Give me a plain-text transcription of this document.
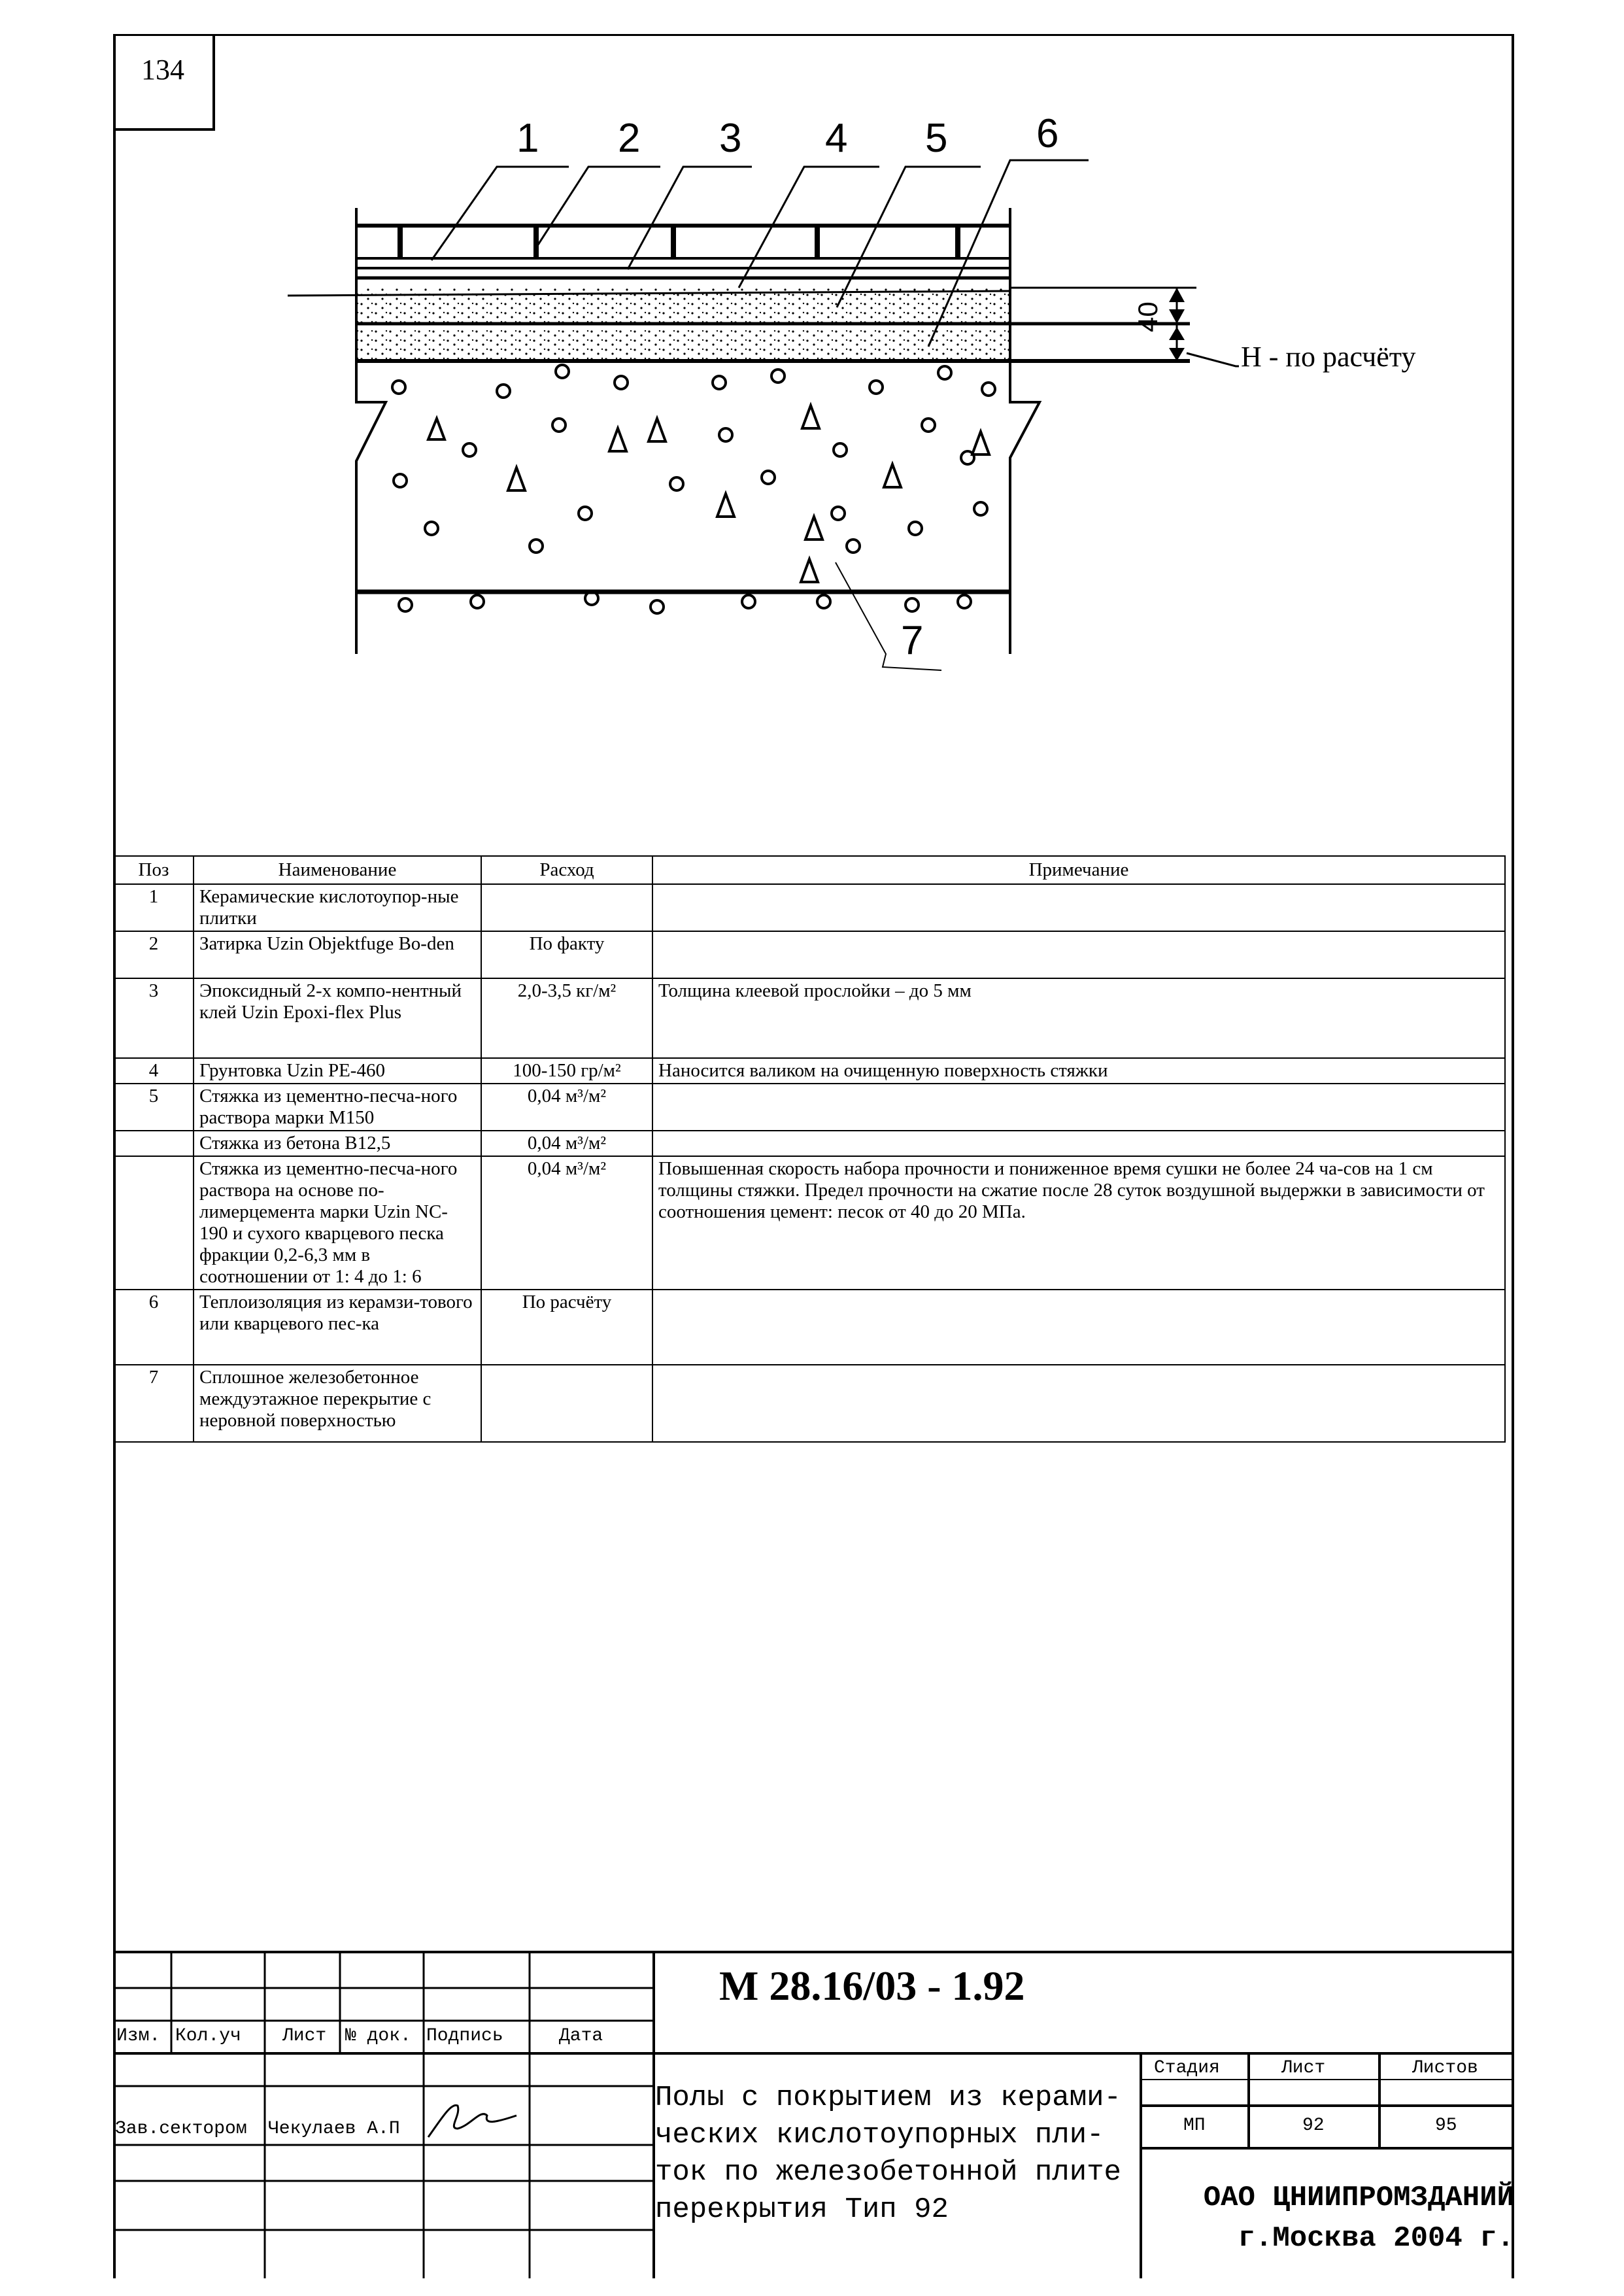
134
1 2 3 4 5 6
7
40
H - по расчёту
Поз	Наименование	Расход	Примечание
1	Керамические кислотоупор-ные плитки		
2	Затирка Uzin Objektfuge Bo-den	По факту	
3	Эпоксидный 2-х компо-нентный клей Uzin Epoxi-flex Plus	2,0-3,5 кг/м²	Толщина клеевой прослойки – до 5 мм
4	Грунтовка Uzin PE-460	100-150 гр/м²	Наносится валиком на очищенную поверхность стяжки
5	Стяжка из цементно-песча-ного раствора марки М150	0,04 м³/м²	
	Стяжка из бетона В12,5	0,04 м³/м²	
	Стяжка из цементно-песча-ного раствора на основе по-лимерцемента марки Uzin NC-190 и сухого кварцевого песка фракции 0,2-6,3 мм в соотношении от 1: 4 до 1: 6	0,04 м³/м²	Повышенная скорость набора прочности и пониженное время сушки не более 24 ча-сов на 1 см толщины стяжки. Предел прочности на сжатие после 28 суток воздушной выдержки в зависимости от соотношения цемент: песок от 40 до 20 МПа.
6	Теплоизоляция из керамзи-тового или кварцевого пес-ка	По расчёту	
7	Сплошное железобетонное междуэтажное перекрытие с неровной поверхностью		
М 28.16/03 - 1.92
Изм. Кол.уч Лист № док. Подпись	Дата
Зав.сектором Чекулаев А.П
Полы с покрытием из керами-ческих кислотоупорных пли-ток по железобетонной плите перекрытия Тип 92
Стадия	Лист	Листов
МП	92	95
ОАО ЦНИИПРОМЗДАНИЙ
г.Москва 2004 г.
